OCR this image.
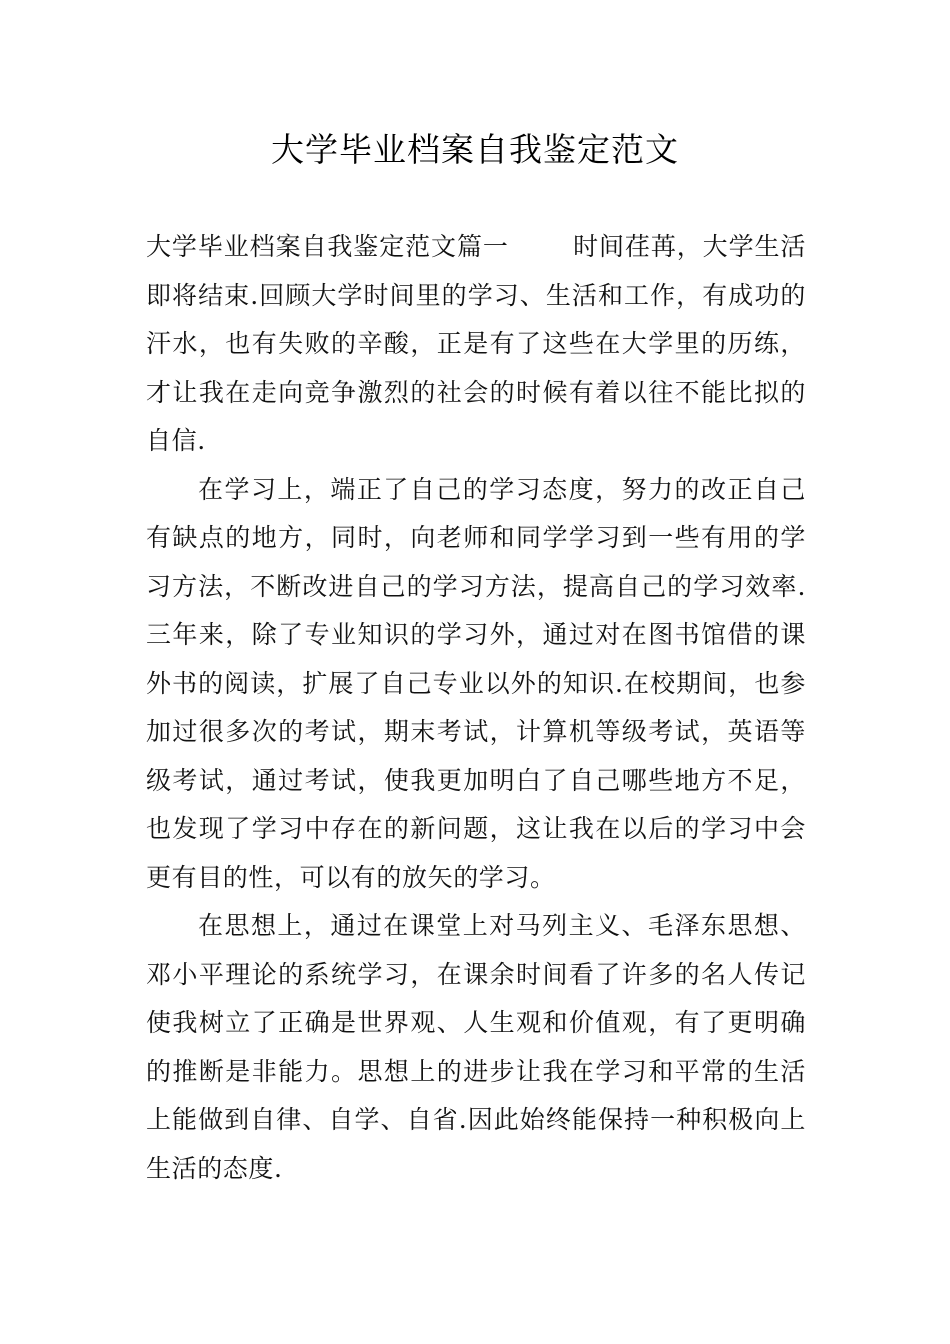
大学毕业档案自我鉴定范文

大学毕业档案自我鉴定范文篇一	时间荏苒，大学生活即将结束.回顾大学时间里的学习、生活和工作，有成功的汗水，也有失败的辛酸，正是有了这些在大学里的历练，才让我在走向竞争激烈的社会的时候有着以往不能比拟的自信.

在学习上，端正了自己的学习态度，努力的改正自己有缺点的地方，同时，向老师和同学学习到一些有用的学习方法，不断改进自己的学习方法，提高自己的学习效率.三年来，除了专业知识的学习外，通过对在图书馆借的课外书的阅读，扩展了自己专业以外的知识.在校期间，也参加过很多次的考试，期末考试，计算机等级考试，英语等级考试，通过考试，使我更加明白了自己哪些地方不足，也发现了学习中存在的新问题，这让我在以后的学习中会更有目的性，可以有的放矢的学习。

在思想上，通过在课堂上对马列主义、毛泽东思想、邓小平理论的系统学习，在课余时间看了许多的名人传记使我树立了正确是世界观、人生观和价值观，有了更明确的推断是非能力。思想上的进步让我在学习和平常的生活上能做到自律、自学、自省.因此始终能保持一种积极向上生活的态度.
